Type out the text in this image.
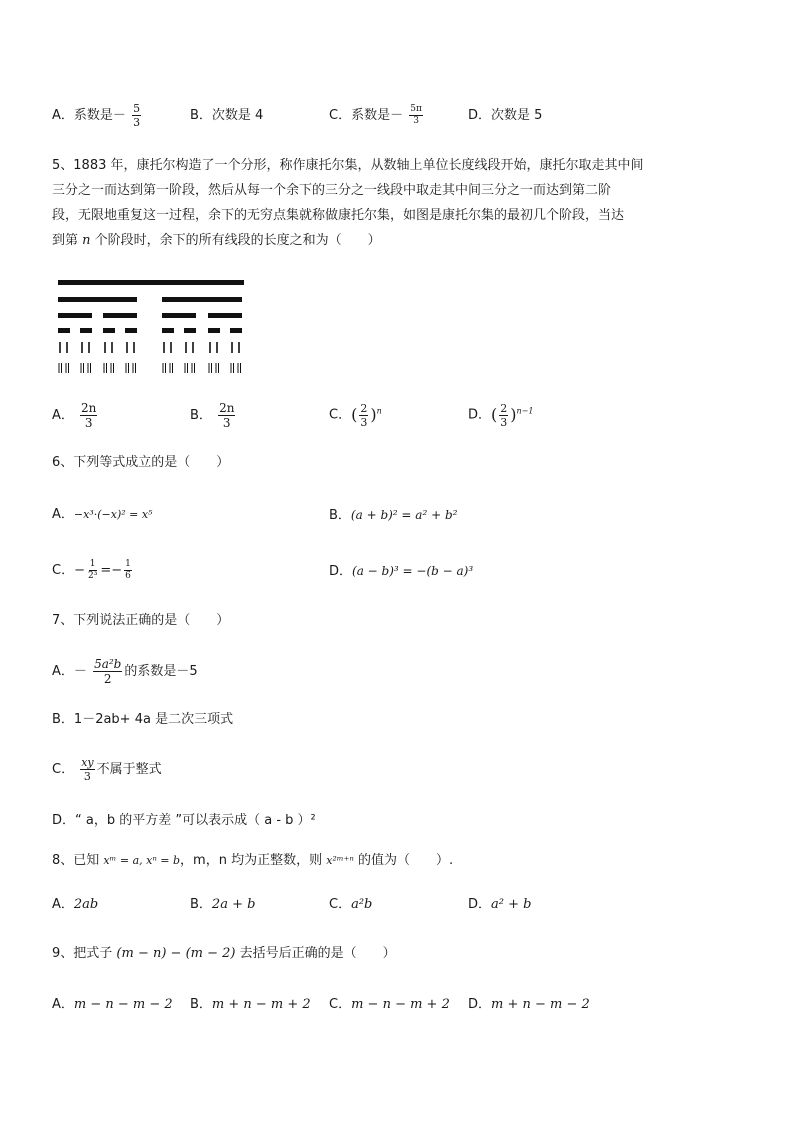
A．系数是－ $\frac{5}{3}$	B．次数是 4	C．系数是－ $\frac{5\pi}{3}$	D．次数是 5
5、1883 年，康托尔构造了一个分形，称作康托尔集，从数轴上单位长度线段开始，康托尔取走其中间
三分之一而达到第一阶段，然后从每一个余下的三分之一线段中取走其中间三分之一而达到第二阶
段，无限地重复这一过程，余下的无穷点集就称做康托尔集，如图是康托尔集的最初几个阶段，当达
到第 n 个阶段时，余下的所有线段的长度之和为（　　）
A． $\frac{2n}{3}$	B． $\frac{2n}{3}$	C．( $\frac{2}{3} )^n$	D．( $\frac{2}{3} )^{n-1}$
6、下列等式成立的是（　　）
A．−x³·(−x)² = x⁵	B．(a + b)² = a² + b²
C．− $\frac{1}{\text{2³}} =- \frac{1}{6}$	D．(a − b)³ = −(b − a)³
7、下列说法正确的是（　　）
A．－ $\frac{\text{5a²b}}{2}$ 的系数是－5
B．1－2ab+ 4a 是二次三项式
C． $\frac{xy}{3}$ 不属于整式
D．“ a，b 的平方差 ”可以表示成（ a - b ）²
8、已知 xᵐ = a, xⁿ = b，m，n 均为正整数，则 x²ᵐ⁺ⁿ 的值为（　　）.
A．2ab	B．2a + b	C．a²b	D．a² + b
9、把式子 (m − n) − (m − 2) 去括号后正确的是（　　）
A．m − n − m − 2 B．m + n − m + 2 C．m − n − m + 2 D．m + n − m − 2
